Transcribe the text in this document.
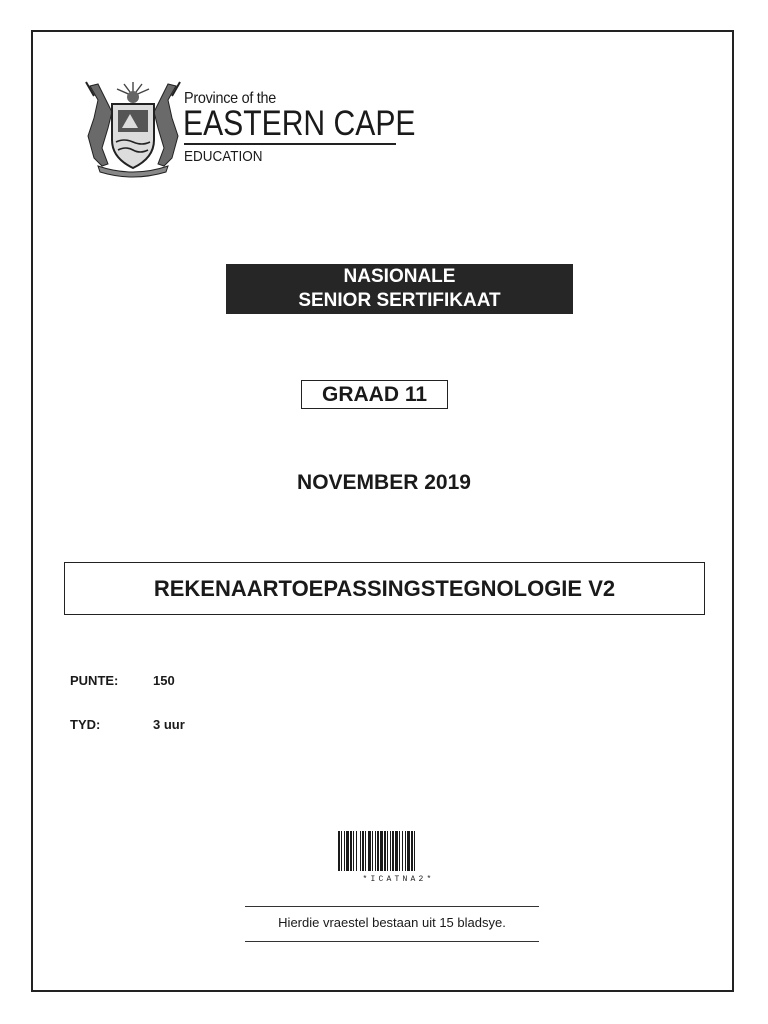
Province of the
EASTERN CAPE
EDUCATION
NASIONALE
SENIOR SERTIFIKAAT
GRAAD 11
NOVEMBER 2019
REKENAARTOEPASSINGSTEGNOLOGIE V2
PUNTE:	150
TYD:	3 uur
*ICATNA2*
Hierdie vraestel bestaan uit 15 bladsye.
